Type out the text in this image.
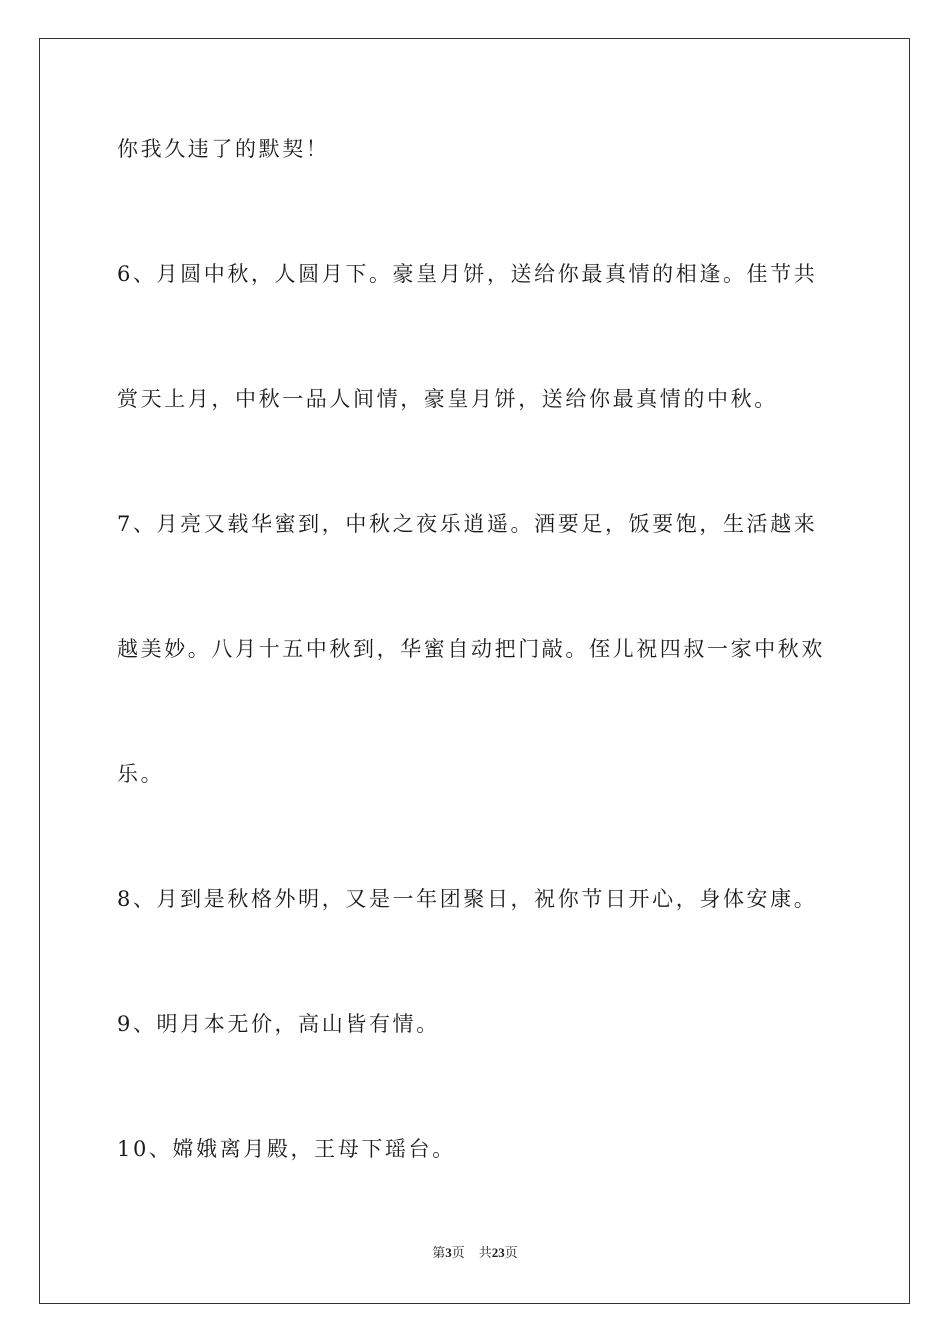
你我久违了的默契！
6、月圆中秋，人圆月下。豪皇月饼，送给你最真情的相逢。佳节共
赏天上月，中秋一品人间情，豪皇月饼，送给你最真情的中秋。
7、月亮又载华蜜到，中秋之夜乐逍遥。酒要足，饭要饱，生活越来
越美妙。八月十五中秋到，华蜜自动把门敲。侄儿祝四叔一家中秋欢
乐。
8、月到是秋格外明，又是一年团聚日，祝你节日开心，身体安康。
9、明月本无价，高山皆有情。
10、嫦娥离月殿，王母下瑶台。
第3页 共23页
